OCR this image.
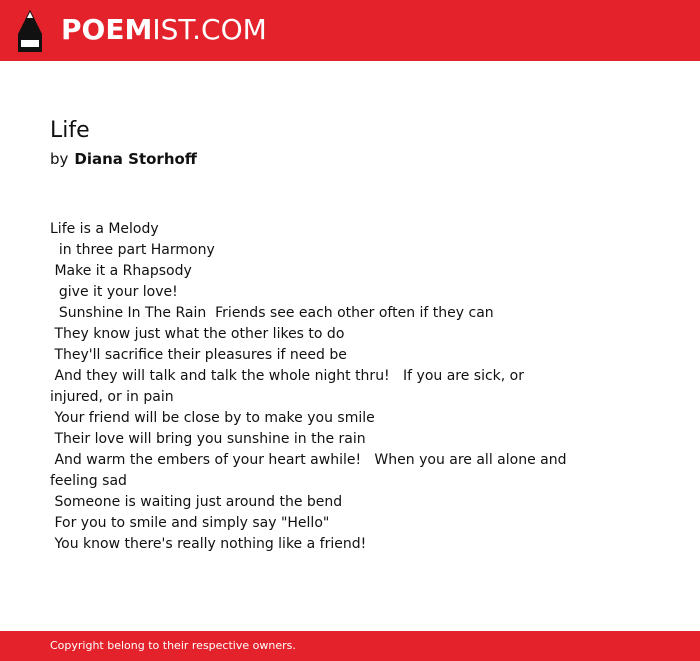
POEMIST.COM
Life
by Diana Storhoff

Life is a Melody

in three part Harmony

Make it a Rhapsody

give it your love!

Sunshine In The Rain  Friends see each other often if they can

They know just what the other likes to do

They'll sacrifice their pleasures if need be

And they will talk and talk the whole night thru!   If you are sick, or injured, or in pain

Your friend will be close by to make you smile

Their love will bring you sunshine in the rain

And warm the embers of your heart awhile!   When you are all alone and feeling sad

Someone is waiting just around the bend

For you to smile and simply say "Hello"

You know there's really nothing like a friend!

Copyright belong to their respective owners.
